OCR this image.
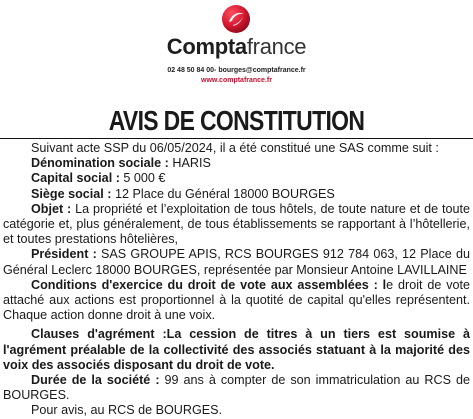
Comptafrance
02 48 50 84 00- bourges@comptafrance.fr
www.comptafrance.fr
AVIS DE CONSTITUTION

Suivant acte SSP du 06/05/2024, il a été constitué une SAS comme suit :

Dénomination sociale : HARIS

Capital social : 5 000 €

Siège social : 12 Place du Général 18000 BOURGES

Objet : La propriété et l’exploitation de tous hôtels, de toute nature et de toute catégorie et, plus généralement, de tous établissements se rapportant à l’hôtellerie, et toutes prestations hôtelières,

Président : SAS GROUPE APIS, RCS BOURGES 912 784 063, 12 Place du Général Leclerc 18000 BOURGES, représentée par Monsieur Antoine LAVILLAINE

Conditions d'exercice du droit de vote aux assemblées : le droit de vote attaché aux actions est proportionnel à la quotité de capital qu'elles représentent. Chaque action donne droit à une voix.

Clauses d'agrément :La cession de titres à un tiers est soumise à l'agrément préalable de la collectivité des associés statuant à la majorité des voix des associés disposant du droit de vote.

Durée de la société : 99 ans à compter de son immatriculation au RCS de BOURGES.

Pour avis, au RCS de BOURGES.
